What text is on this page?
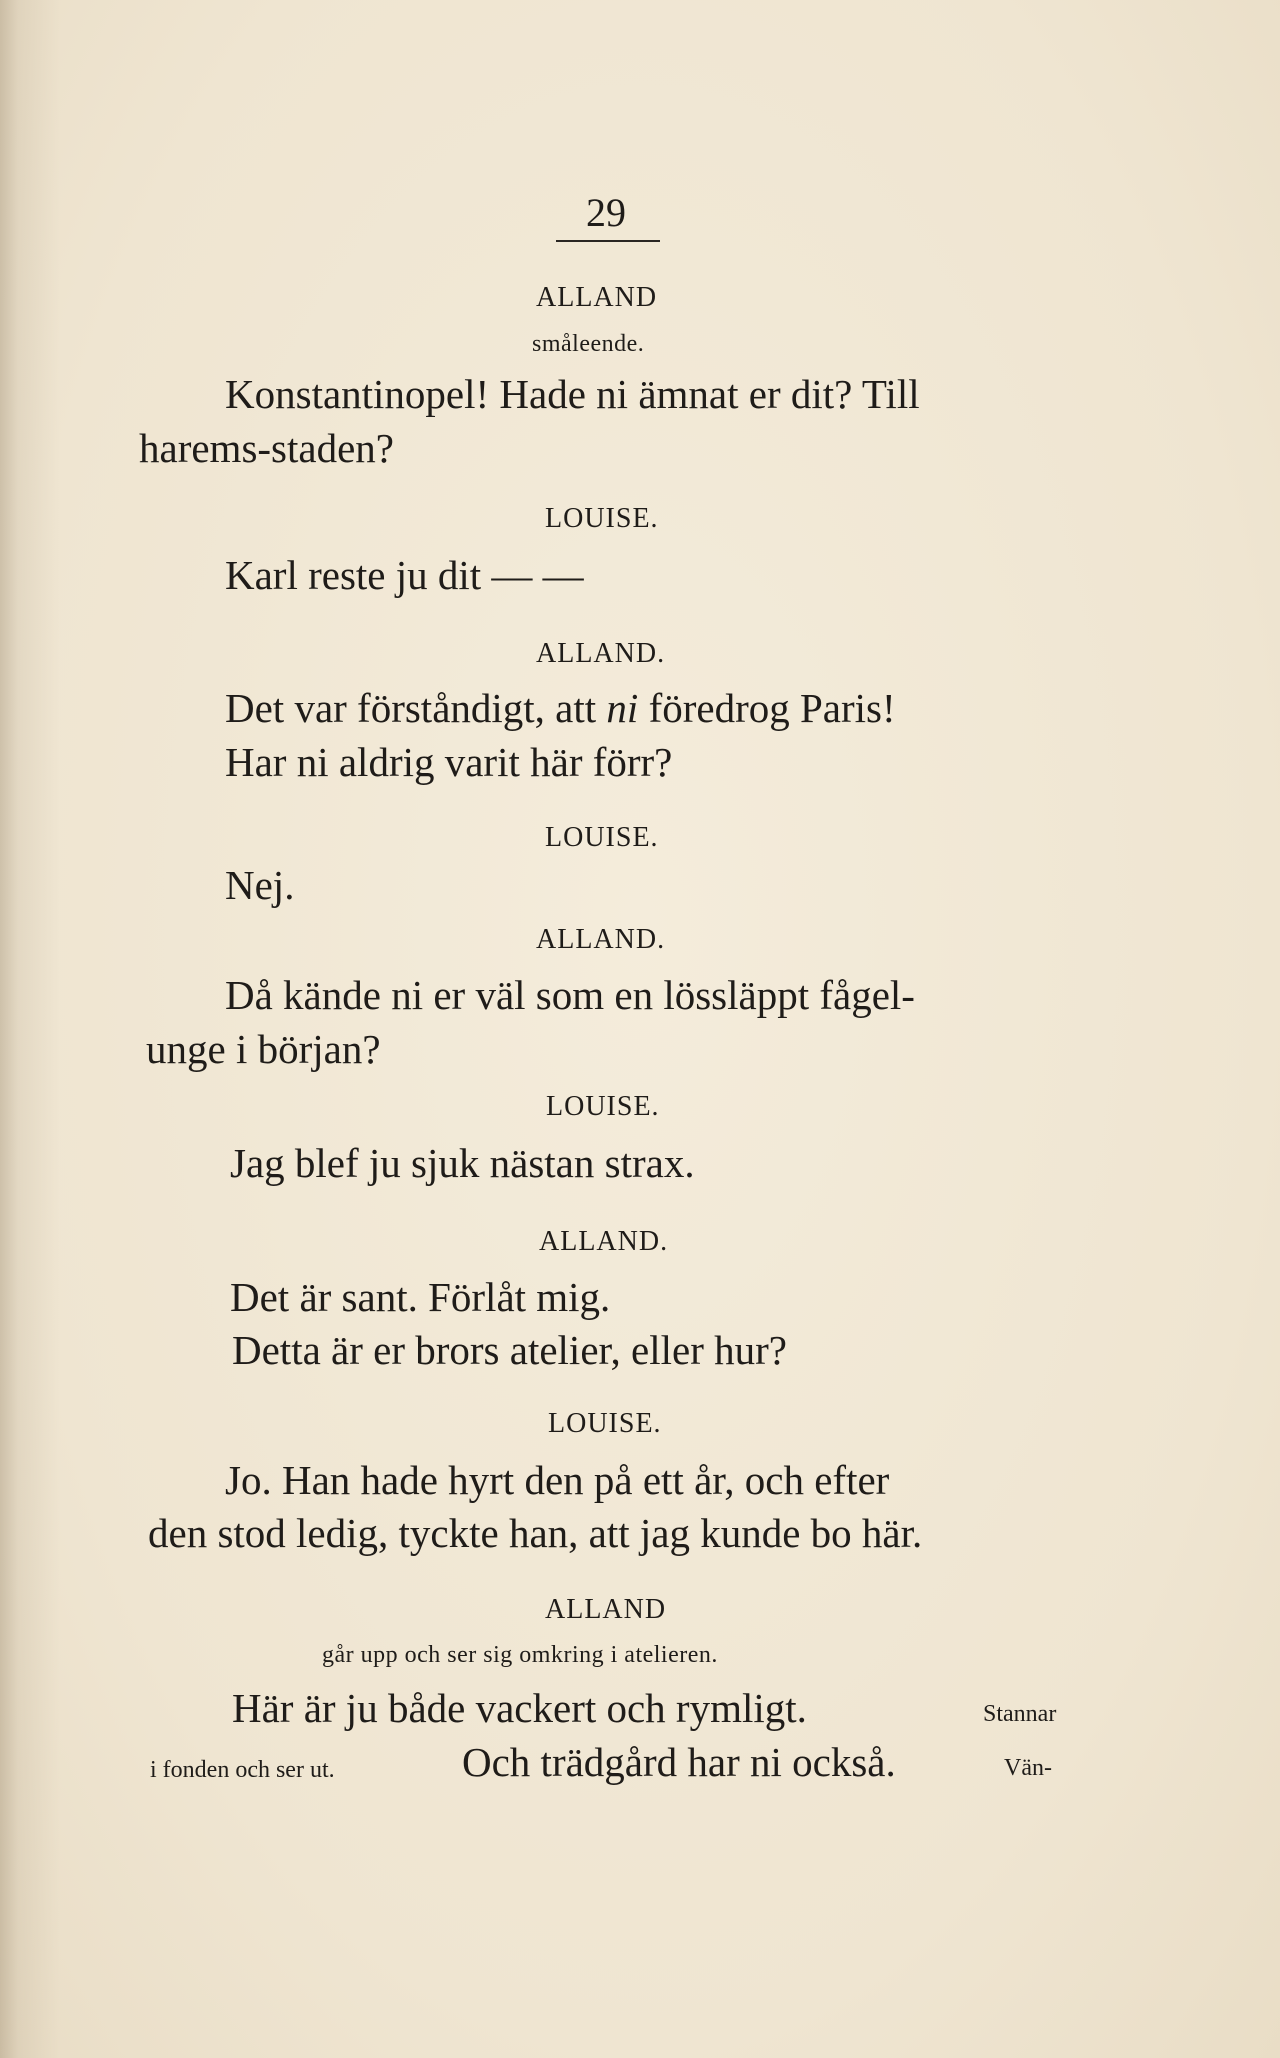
29
ALLAND
småleende.
Konstantinopel! Hade ni ämnat er dit? Till
harems-staden?
LOUISE.
Karl reste ju dit — —
ALLAND.
Det var förståndigt, att ni föredrog Paris!
Har ni aldrig varit här förr?
LOUISE.
Nej.
ALLAND.
Då kände ni er väl som en lössläppt fågel-
unge i början?
LOUISE.
Jag blef ju sjuk nästan strax.
ALLAND.
Det är sant. Förlåt mig.
Detta är er brors atelier, eller hur?
LOUISE.
Jo. Han hade hyrt den på ett år, och efter
den stod ledig, tyckte han, att jag kunde bo här.
ALLAND
går upp och ser sig omkring i atelieren.
Här är ju både vackert och rymligt.	Stannar
i fonden och ser ut.	Och trädgård har ni också.	Vän-
